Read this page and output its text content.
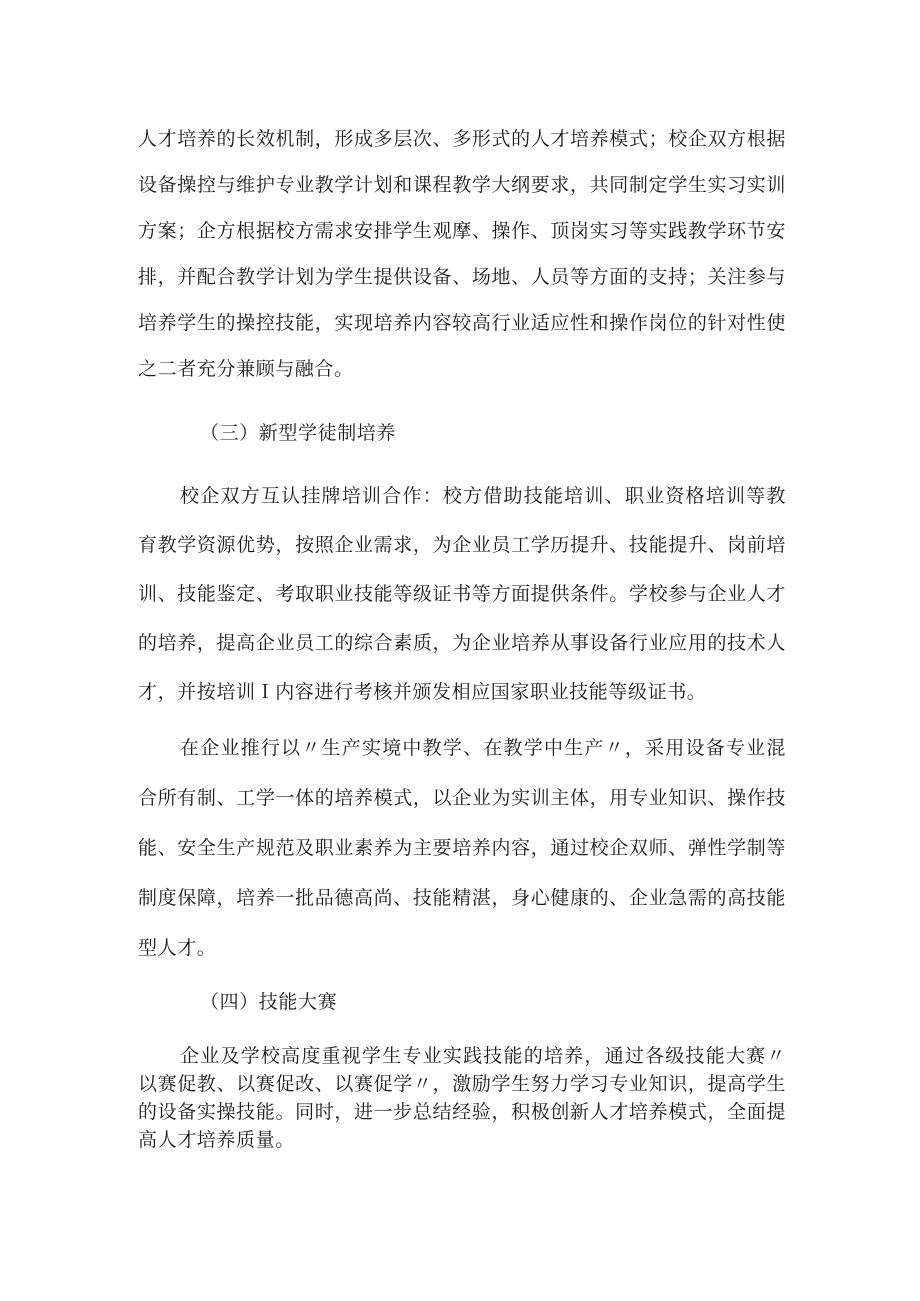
人才培养的长效机制，形成多层次、多形式的人才培养模式；校企双方根据设备操控与维护专业教学计划和课程教学大纲要求，共同制定学生实习实训方案；企方根据校方需求安排学生观摩、操作、顶岗实习等实践教学环节安排，并配合教学计划为学生提供设备、场地、人员等方面的支持；关注参与培养学生的操控技能，实现培养内容较高行业适应性和操作岗位的针对性使之二者充分兼顾与融合。

（三）新型学徒制培养

校企双方互认挂牌培训合作：校方借助技能培训、职业资格培训等教育教学资源优势，按照企业需求，为企业员工学历提升、技能提升、岗前培训、技能鉴定、考取职业技能等级证书等方面提供条件。学校参与企业人才的培养，提高企业员工的综合素质，为企业培养从事设备行业应用的技术人才，并按培训Ｉ内容进行考核并颁发相应国家职业技能等级证书。

在企业推行以〃生产实境中教学、在教学中生产〃，采用设备专业混合所有制、工学一体的培养模式，以企业为实训主体，用专业知识、操作技能、安全生产规范及职业素养为主要培养内容，通过校企双师、弹性学制等制度保障，培养一批品德高尚、技能精湛，身心健康的、企业急需的高技能型人才。

（四）技能大赛

企业及学校高度重视学生专业实践技能的培养，通过各级技能大赛〃以赛促教、以赛促改、以赛促学〃，激励学生努力学习专业知识，提高学生的设备实操技能。同时，进一步总结经验，积极创新人才培养模式，全面提高人才培养质量。
